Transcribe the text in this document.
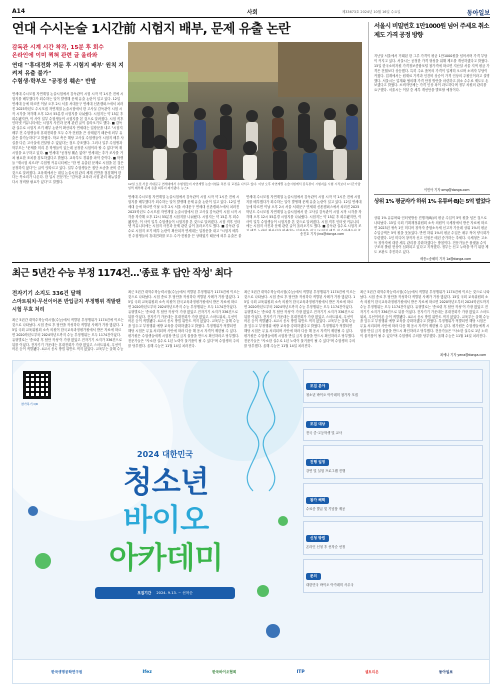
A14	사회	제33673호 2024년 10월 16일 수요일	동아일보
연대 수시논술 1시간前 시험지 배부, 문제 유출 논란
감독관 시계 시간 착각, 15분 후 회수
온라인에 이미 찍혀 관련 글 올라와
연대 "'휴대전화 꺼둔 후 시험지 배부' 원칙 지켜져 유출 불가"
수험생·학부모 "공정성 훼손" 반발
12일 오전 서울 서대문구 연세대에서 수험생들이 자연계열 논술시험을 치른 뒤 교정을 나서고 있다. 이날 오후 자연계열 논술시험에서 감독관이 시험지를 시험 시작보다 1시간가량 일찍 배부해 문제 유출 의혹이 제기됐다. 뉴스1
연세대 수시모집 자연계열 논술시험에서 감독관이 시험 시작 약 1시간 전에 시험지를 배부했다가 회수하는 일이 발생해 문제 유출 논란이 일고 있다. 12일 연세대 등에 따르면 이날 오후 2시 서울 서대문구 연세대 신촌캠퍼스에서 치러진 2025학년도 수시모집 자연계열 논술시험에서 한 고사실 감독관이 시험 시작 시각을 착각해 오후 12시 55분경 시험지를 나눠줬다. 시험지는 약 15분 후 회수됐지만, 이 사이 일부 수험생들이 시험지를 본 것으로 알려졌다. 시험 직후 인터넷 커뮤니티에는 시험지 사진과 문제 관련 글이 올라오기도 했다. ■ 감독관 실수로 시험지 조기 배부 논란이 확산되자 연세대는 입장문을 내고 "시험지 배부 전 수험생들의 휴대전화를 모두 수거·전원을 끈 상태였기 때문에 외부 유출은 불가능하다"고 밝혔다. 학교 측은 해당 고사실 수험생들이 시험지 배부 사실을 다른 고사실에 전달할 수 없었다는 점도 강조했다. 그러나 일부 수험생과 학부모는 "문제를 미리 본 학생들이 있는데 공정한 시험이라 할 수 없다"며 재시험을 요구하고 있다. ■ 연세대 "공정성 훼손 없어" 연세대는 추가 조사를 거쳐 필요한 조치를 검토하겠다고 밝혔다. 교육부도 경위를 파악 중이다. ■ 학생들 "재시험 치르라" 수험생 커뮤니티에는 "한 번 유출된 문제로 시험을 본 것은 공정하지 않다"는 글이 잇따르고 있다. 일부 수험생들은 집단 소송을 준비 중인 것으로 알려졌다. 교육계에서는 대입 논술시험 관리 체계 전반을 점검해야 한다는 목소리가 나온다. 한 입시 전문가는 "감독관 교육과 시험 관리 매뉴얼을 다시 정비할 필요가 있다"고 말했다.
연세대 수시모집 자연계열 논술시험에서 감독관이 시험 시작 약 1시간 전에 시험지를 배부했다가 회수하는 일이 발생해 문제 유출 논란이 일고 있다. 12일 연세대 등에 따르면 이날 오후 2시 서울 서대문구 연세대 신촌캠퍼스에서 치러진 2025학년도 수시모집 자연계열 논술시험에서 한 고사실 감독관이 시험 시작 시각을 착각해 오후 12시 55분경 시험지를 나눠줬다. 시험지는 약 15분 후 회수됐지만, 이 사이 일부 수험생들이 시험지를 본 것으로 알려졌다. 시험 직후 인터넷 커뮤니티에는 시험지 사진과 문제 관련 글이 올라오기도 했다. ■ 감독관 실수로 시험지 조기 배부 논란이 확산되자 연세대는 입장문을 내고 "시험지 배부 전 수험생들의 휴대전화를 모두 수거·전원을 끈 상태였기 때문에 외부 유출은 불
연세대 수시모집 자연계열 논술시험에서 감독관이 시험 시작 약 1시간 전에 시험지를 배부했다가 회수하는 일이 발생해 문제 유출 논란이 일고 있다. 12일 연세대 등에 따르면 이날 오후 2시 서울 서대문구 연세대 신촌캠퍼스에서 치러진 2025학년도 수시모집 자연계열 논술시험에서 한 고사실 감독관이 시험 시작 시각을 착각해 오후 12시 55분경 시험지를 나눠줬다. 시험지는 약 15분 후 회수됐지만, 이 사이 일부 수험생들이 시험지를 본 것으로 알려졌다. 시험 직후 인터넷 커뮤니티에는 시험지 사진과 문제 관련 글이 올라오기도 했다. ■ 감독관 실수로 시험지 조
송진호 기자 jino@donga.com
서울시 비밀번호 1만1000원 넘어 주세요 취소제도 가격 공정 방향
지난달 서울에서 거래된 한 그루 가격이 평균 1만1000원을 넘어서며 가격 부담이 커지고 있다. 서울시는 공정한 가격 형성을 위해 제도를 개선하겠다고 밝혔다. 15일 한국소비자원 가격정보종합포털 참가격에 따르면 지난달 서울 지역 평균 가격은 전월보다 상승했다. 특히 주요 품목의 가격이 일제히 오르며 소비자 부담이 커졌다. 업계에서는 원재료 가격과 인건비 상승이 가격 인상의 주원인이라고 설명했다. 서울시는 업계와 협의해 가격 안정 방안을 마련하고 취소 수수료 제도도 손보겠다고 밝혔다. 소비자단체는 가격 인상 폭이 과도하다며 정부 차원의 관리를 요구했다. 서울시는 이달 중 세부 개선안을 발표할 예정이다.
이민아 기자 omg@donga.com
상위 1% 평균자가 하위 1% 유튜버·BJ는 5억 벌었다
상위 1% 유튜버와 인터넷방송 진행자(BJ)의 평균 수입이 5억 원을 넘은 것으로 나타났다. 15일 국회 기획재정위원회 소속 의원이 국세청에서 받은 자료에 따르면 2023년 귀속 1인 미디어 창작자 종합소득세 신고자 가운데 상위 1%의 평균 수입금액은 5억 원을 웃돌았다. 반면 하위 1%의 평균 수입은 매우 적어 양극화가 뚜렷했다. 1인 미디어 창작자 신고 인원은 매년 증가하는 추세다. 국세청은 고소득 창작자에 대한 세무 관리를 강화하겠다는 방침이다. 전문가들은 플랫폼 수익 구조의 쏠림 현상이 심화되고 있다고 지적했다. 정부는 신고 누락을 막기 위한 제도 보완도 추진하고 있다.
세종=송혜미 기자 1a@donga.com
최근 5년간 수능 부정 1174건…'종료 후 답안 작성' 최다
전자기기 소지도 336건 달해
스마트워치·무선이어폰 반입금지 부정행위 적발땐 시험 무효 처리
최근 5년간 대학수학능력시험(수능)에서 적발된 부정행위가 1174건에 이르는 것으로 나타났다. 시험 종료 후 답안을 작성하다 적발된 사례가 가장 많았다. 15일 국회 교육위원회 소속 의원이 한국교육과정평가원에서 받은 자료에 따르면 2020학년도부터 2024학년도까지 수능 부정행위는 모두 1174건이었다. 유형별로는 '종료령 후 답안 작성'이 가장 많았고 전자기기 소지가 336건으로 뒤를 이었다. 전자기기 가운데는 휴대전화가 가장 많았고 스마트워치, 무선이어폰 등이 적발됐다. 4교시 응시 방법 위반도 적지 않았다. 교육부는 올해 수능
최근 5년간 대학수학능력시험(수능)에서 적발된 부정행위가 1174건에 이르는 것으로 나타났다. 시험 종료 후 답안을 작성하다 적발된 사례가 가장 많았다. 15일 국회 교육위원회 소속 의원이 한국교육과정평가원에서 받은 자료에 따르면 2020학년도부터 2024학년도까지 수능 부정행위는 모두 1174건이었다. 유형별로는 '종료령 후 답안 작성'이 가장 많았고 전자기기 소지가 336건으로 뒤를 이었다. 전자기기 가운데는 휴대전화가 가장 많았고 스마트워치, 무선이어폰 등이 적발됐다. 4교시 응시 방법 위반도 적지 않았다. 교육부는 올해 수능을 앞두고 부정행위 예방 교육을 강화하겠다고 밝혔다. 부정행위가 적발되면 해당 시험은 무효 처리되며 사안에 따라 다음 해 응시 자격이 제한될 수 있다. 평가원은 수험생들에게 시험장 반입 금지 물품을 반드시 확인하라고 당부했다. 전문가들은 "사소한 실수로 1년 노력이 물거품이 될 수 있다"며 수험생의 주의를 당부했다. 올해 수능은 11월 14일 치러진다.
최근 5년간 대학수학능력시험(수능)에서 적발된 부정행위가 1174건에 이르는 것으로 나타났다. 시험 종료 후 답안을 작성하다 적발된 사례가 가장 많았다. 15일 국회 교육위원회 소속 의원이 한국교육과정평가원에서 받은 자료에 따르면 2020학년도부터 2024학년도까지 수능 부정행위는 모두 1174건이었다. 유형별로는 '종료령 후 답안 작성'이 가장 많았고 전자기기 소지가 336건으로 뒤를 이었다. 전자기기 가운데는 휴대전화가 가장 많았고 스마트워치, 무선이어폰 등이 적발됐다. 4교시 응시 방법 위반도 적지 않았다. 교육부는 올해 수능을 앞두고 부정행위 예방 교육을 강화하겠다고 밝혔다. 부정행위가 적발되면 해당 시험은 무효 처리되며 사안에 따라 다음 해 응시 자격이 제한될 수 있다. 평가원은 수험생들에게 시험장 반입 금지 물품을 반드시 확인하라고 당부했다. 전문가들은 "사소한 실수로 1년 노력이 물거품이 될 수 있다"며 수험생의 주의를 당부했다. 올해 수능은 11월 14일 치러진다.
최근 5년간 대학수학능력시험(수능)에서 적발된 부정행위가 1174건에 이르는 것으로 나타났다. 시험 종료 후 답안을 작성하다 적발된 사례가 가장 많았다. 15일 국회 교육위원회 소속 의원이 한국교육과정평가원에서 받은 자료에 따르면 2020학년도부터 2024학년도까지 수능 부정행위는 모두 1174건이었다. 유형별로는 '종료령 후 답안 작성'이 가장 많았고 전자기기 소지가 336건으로 뒤를 이었다. 전자기기 가운데는 휴대전화가 가장 많았고 스마트워치, 무선이어폰 등이 적발됐다. 4교시 응시 방법 위반도 적지 않았다. 교육부는 올해 수능을 앞두고 부정행위 예방 교육을 강화하겠다고 밝혔다. 부정행위가 적발되면 해당 시험은 무효 처리되며 사안에 따라 다음 해 응시 자격이 제한될 수 있다. 평가원은 수험생들에게 시험장 반입 금지 물품을 반드시 확인하라고 당부했다. 전문가들은 "사소한 실수로 1년 노력이 물거품이 될 수 있다"며 수험생의 주의를 당부했다. 올해 수능은 11월 14일 치러진다.
최예나 기자 yena@donga.com
참가하기 QR
2024 대한민국
청소년
바이오
아카데미
모집기간 2024. 9.13. ~ 선착순
모집 분야
청소년 바이오 아카데미 참가자 모집
모집 대상
전국 중·고등학생 및 교사
진행 일정
강연 및 실험 프로그램 진행
참가 혜택
수료증 발급 및 기념품 제공
신청 방법
온라인 신청 후 선착순 선정
문의
대한민국 바이오 아카데미 사무국
한국생명공학연구원	Ifez	한국바이오협회	ITP	셀트리온	동아일보
